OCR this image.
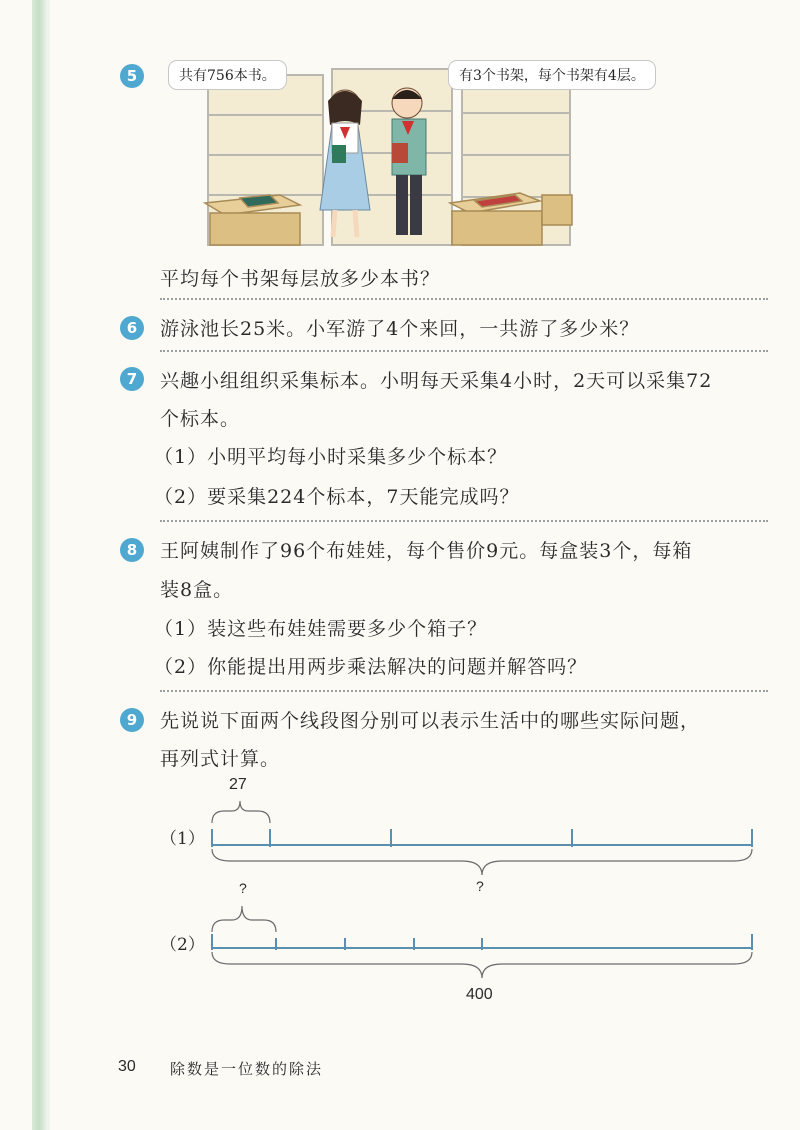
5	共有756本书。	有3个书架，每个书架有4层。
平均每个书架每层放多少本书？
6	游泳池长25米。小军游了4个来回，一共游了多少米？
7	兴趣小组组织采集标本。小明每天采集4小时，2天可以采集72
个标本。
（1）小明平均每小时采集多少个标本？
（2）要采集224个标本，7天能完成吗？
8	王阿姨制作了96个布娃娃，每个售价9元。每盒装3个，每箱
装8盒。
（1）装这些布娃娃需要多少个箱子？
（2）你能提出用两步乘法解决的问题并解答吗？
9	先说说下面两个线段图分别可以表示生活中的哪些实际问题，
再列式计算。
（1）
27
?
（2）
?
400
30 除数是一位数的除法
